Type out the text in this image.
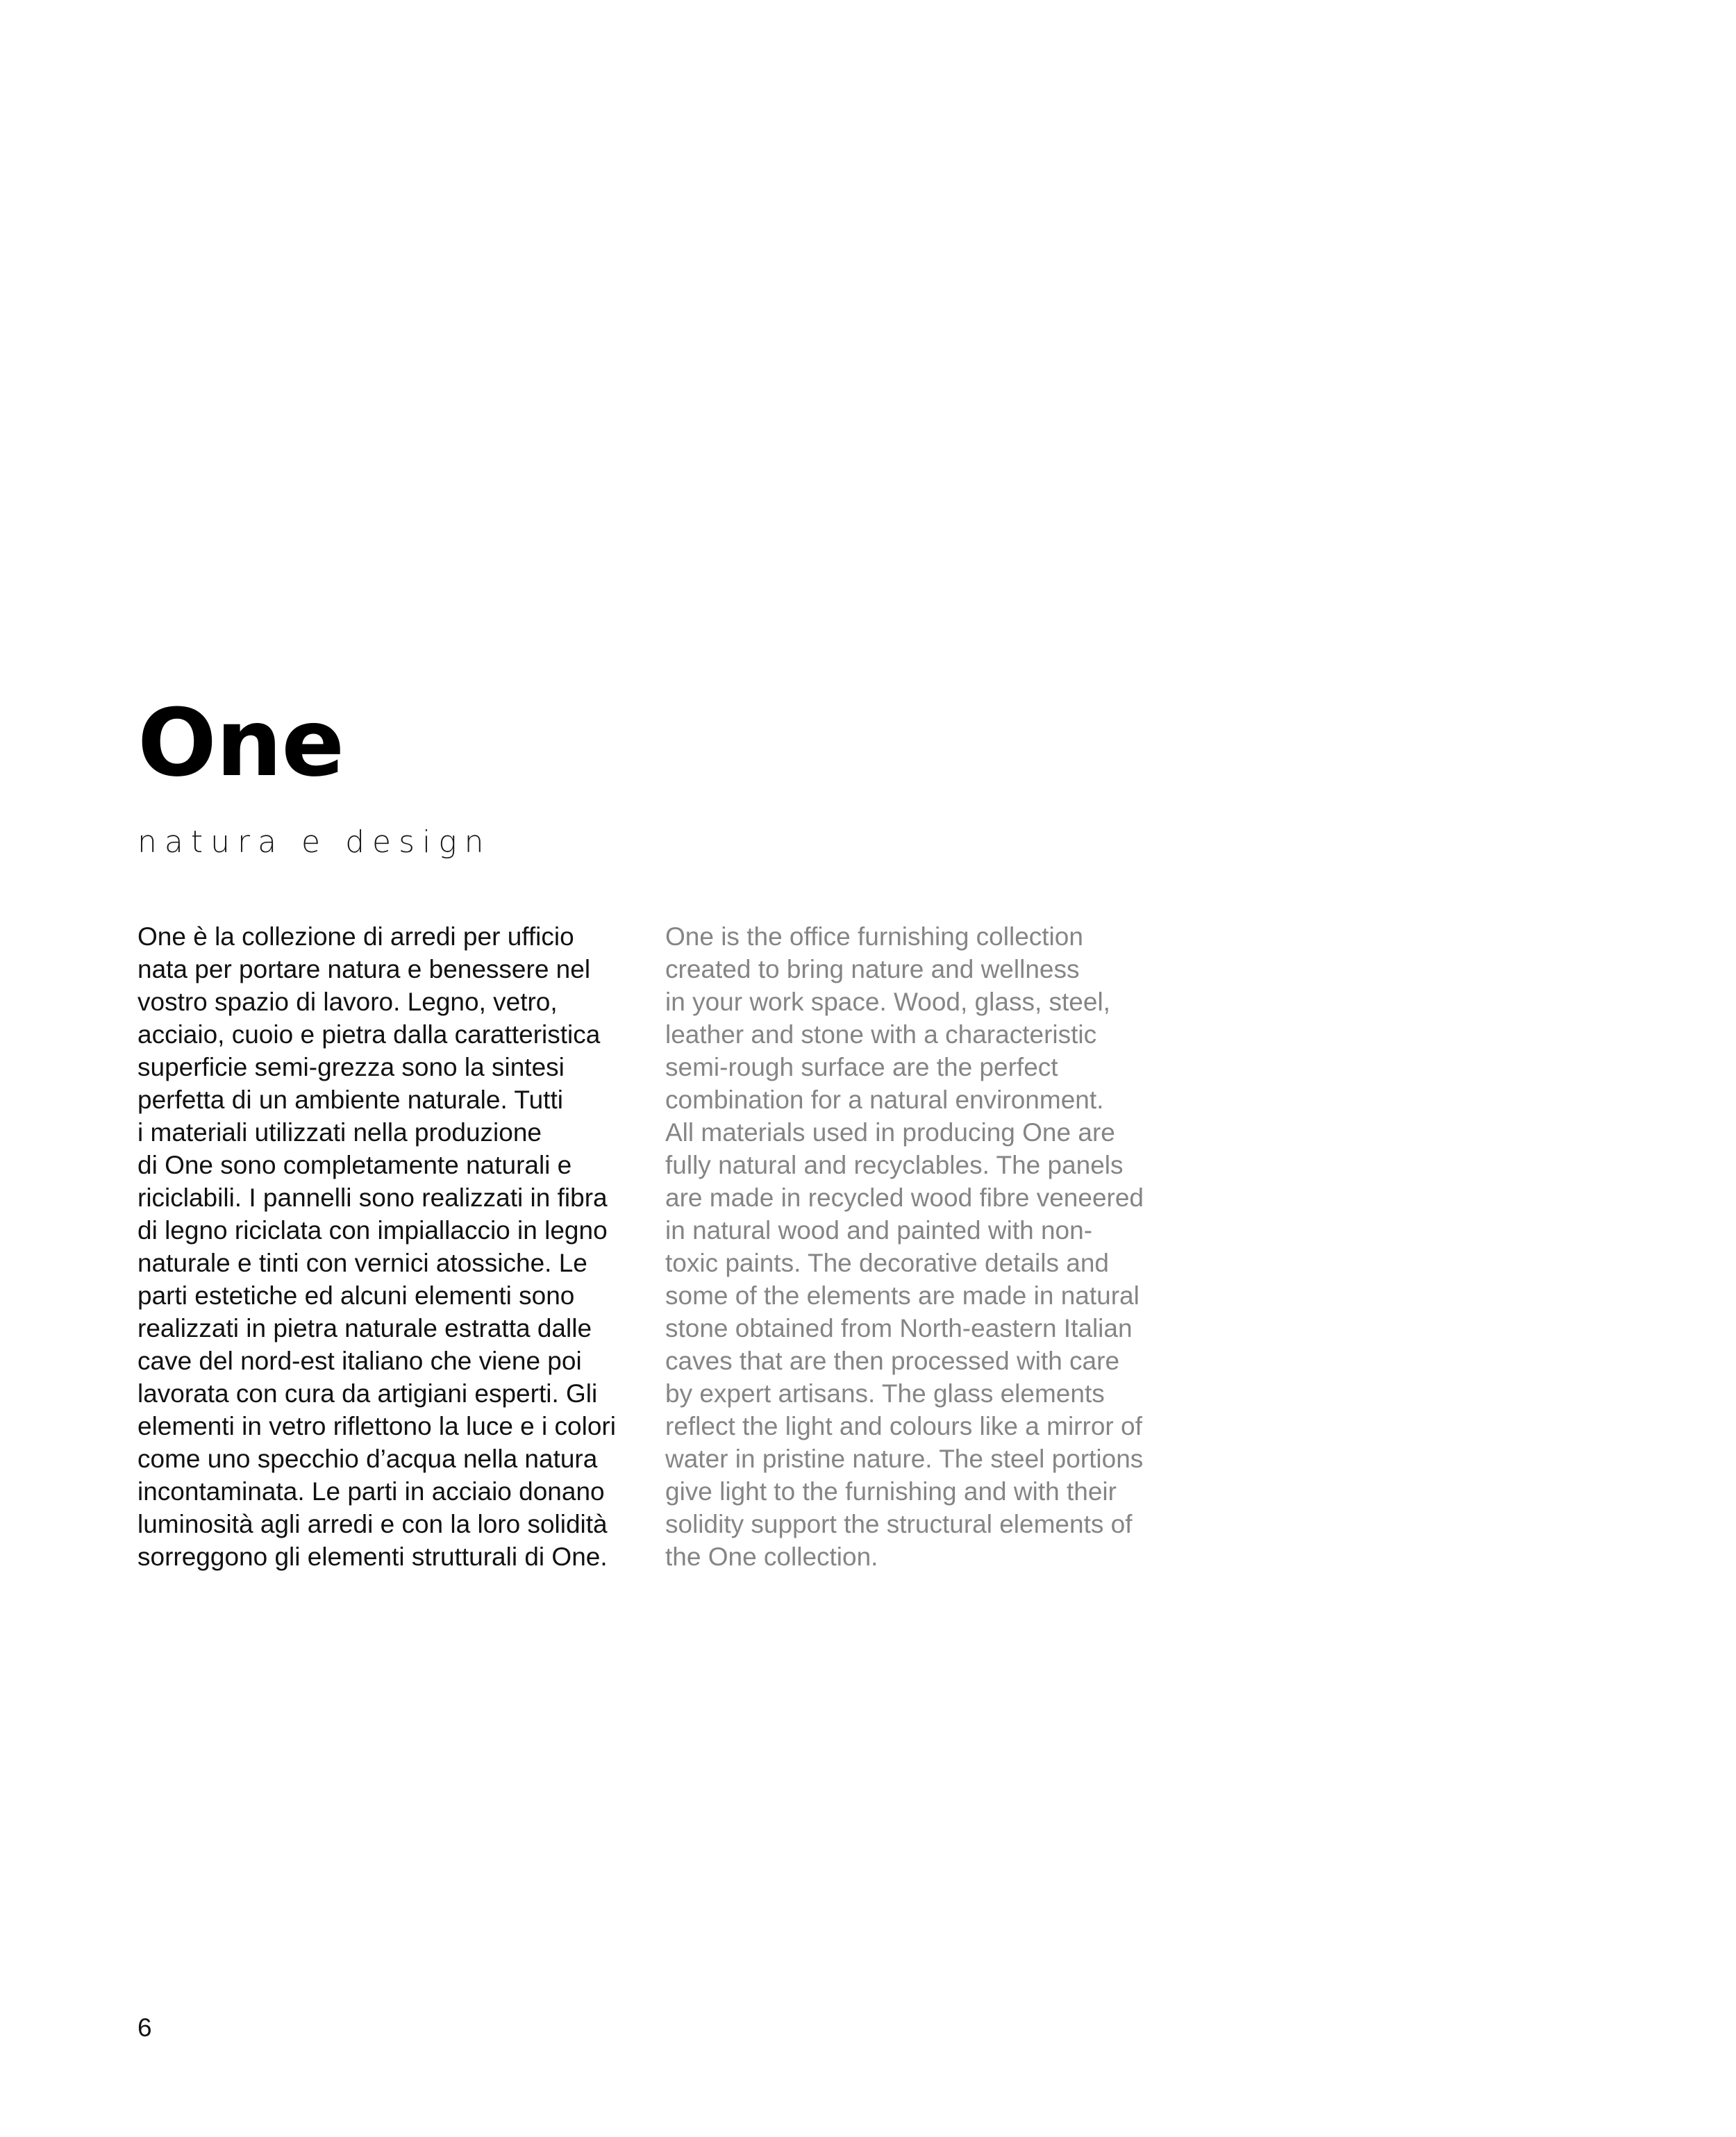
One

natura e design

One è la collezione di arredi per ufficio
nata per portare natura e benessere nel
vostro spazio di lavoro. Legno, vetro,
acciaio, cuoio e pietra dalla caratteristica
superficie semi-grezza sono la sintesi
perfetta di un ambiente naturale. Tutti
i materiali utilizzati nella produzione
di One sono completamente naturali e
riciclabili. I pannelli sono realizzati in fibra
di legno riciclata con impiallaccio in legno
naturale e tinti con vernici atossiche. Le
parti estetiche ed alcuni elementi sono
realizzati in pietra naturale estratta dalle
cave del nord-est italiano che viene poi
lavorata con cura da artigiani esperti. Gli
elementi in vetro riflettono la luce e i colori
come uno specchio d’acqua nella natura
incontaminata. Le parti in acciaio donano
luminosità agli arredi e con la loro solidità
sorreggono gli elementi strutturali di One.

One is the office furnishing collection
created to bring nature and wellness
in your work space. Wood, glass, steel,
leather and stone with a characteristic
semi-rough surface are the perfect
combination for a natural environment.
All materials used in producing One are
fully natural and recyclables. The panels
are made in recycled wood fibre veneered
in natural wood and painted with non-
toxic paints. The decorative details and
some of the elements are made in natural
stone obtained from North-eastern Italian
caves that are then processed with care
by expert artisans. The glass elements
reflect the light and colours like a mirror of
water in pristine nature. The steel portions
give light to the furnishing and with their
solidity support the structural elements of
the One collection.

6
